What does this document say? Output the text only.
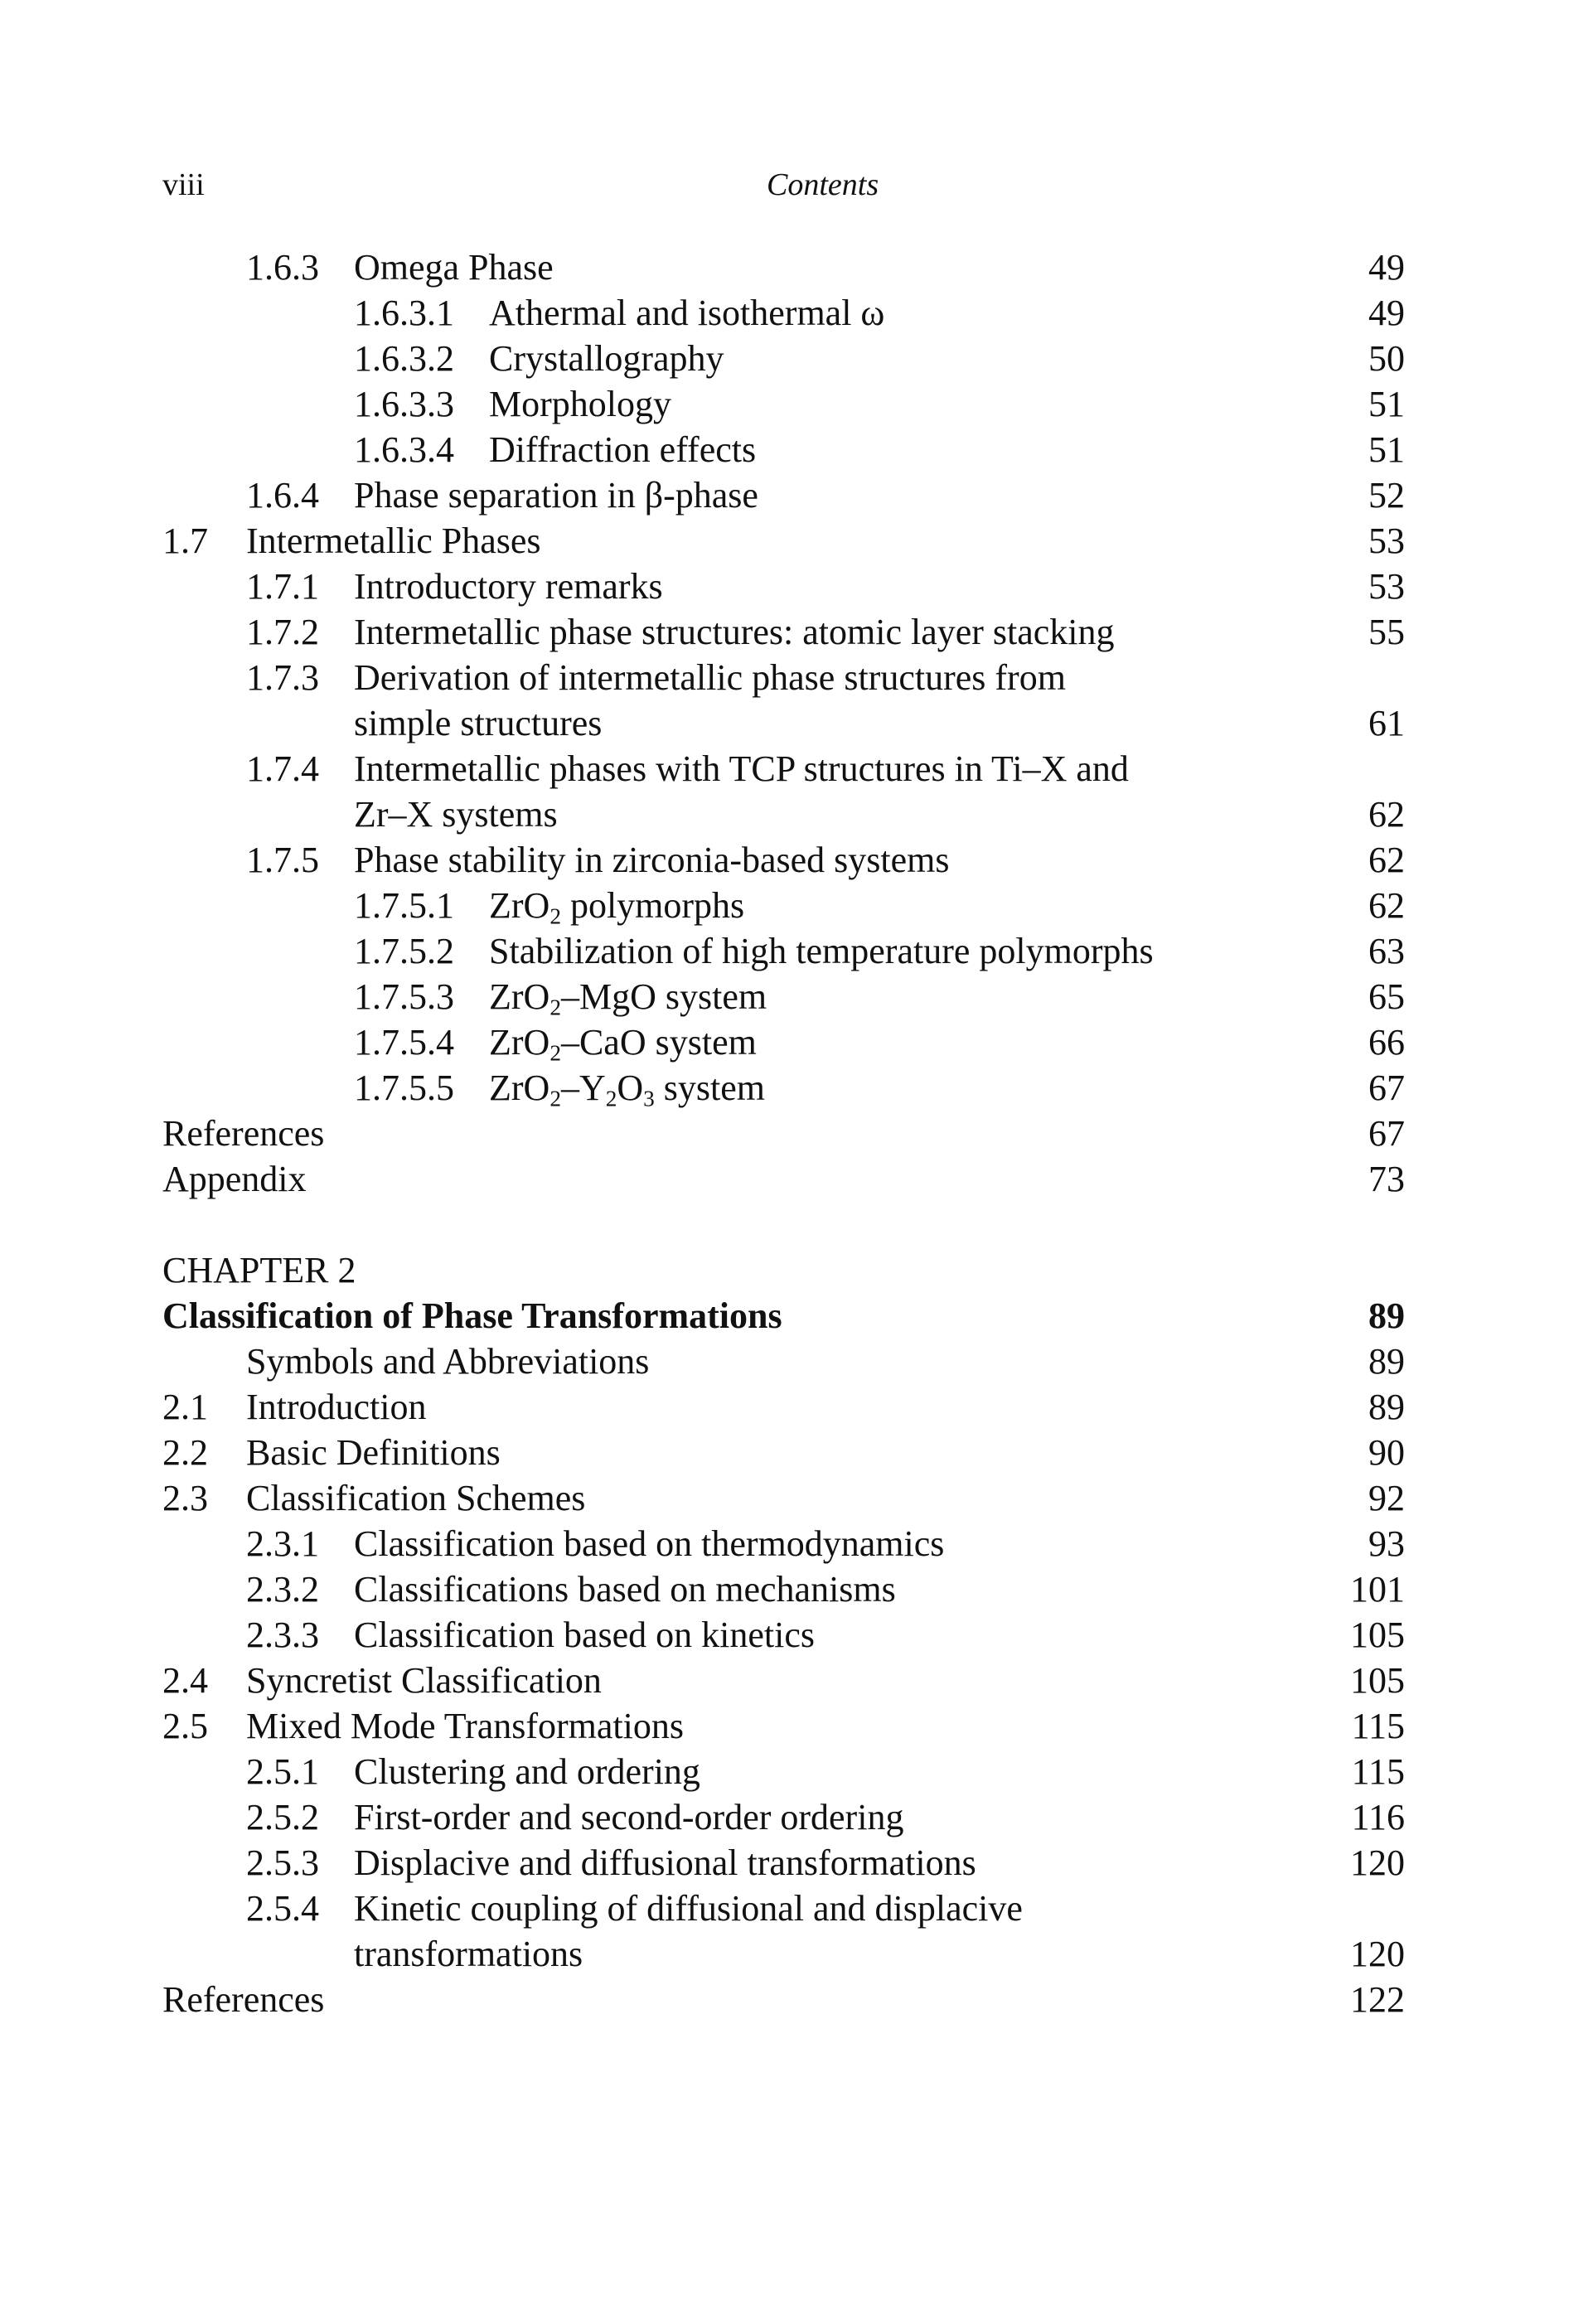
viii	Contents
1.6.3 Omega Phase	49
1.6.3.1 Athermal and isothermal ω	49
1.6.3.2 Crystallography	50
1.6.3.3 Morphology	51
1.6.3.4 Diffraction effects	51
1.6.4 Phase separation in β-phase	52
1.7 Intermetallic Phases	53
1.7.1 Introductory remarks	53
1.7.2 Intermetallic phase structures: atomic layer stacking	55
1.7.3 Derivation of intermetallic phase structures from
simple structures	61
1.7.4 Intermetallic phases with TCP structures in Ti–X and
Zr–X systems	62
1.7.5 Phase stability in zirconia-based systems	62
1.7.5.1 ZrO$_2$ polymorphs	62
1.7.5.2 Stabilization of high temperature polymorphs	63
1.7.5.3 ZrO$_2$–MgO system	65
1.7.5.4 ZrO$_2$–CaO system	66
1.7.5.5 $ZrO_2-Y_2O_3$ system	67
References	67
Appendix	73
CHAPTER 2
Classification of Phase Transformations	89
Symbols and Abbreviations	89
2.1 Introduction	89
2.2 Basic Definitions	90
2.3 Classification Schemes	92
2.3.1 Classification based on thermodynamics	93
2.3.2 Classifications based on mechanisms	101
2.3.3 Classification based on kinetics	105
2.4 Syncretist Classification	105
2.5 Mixed Mode Transformations	115
2.5.1 Clustering and ordering	115
2.5.2 First-order and second-order ordering	116
2.5.3 Displacive and diffusional transformations	120
2.5.4 Kinetic coupling of diffusional and displacive
transformations	120
References	122
